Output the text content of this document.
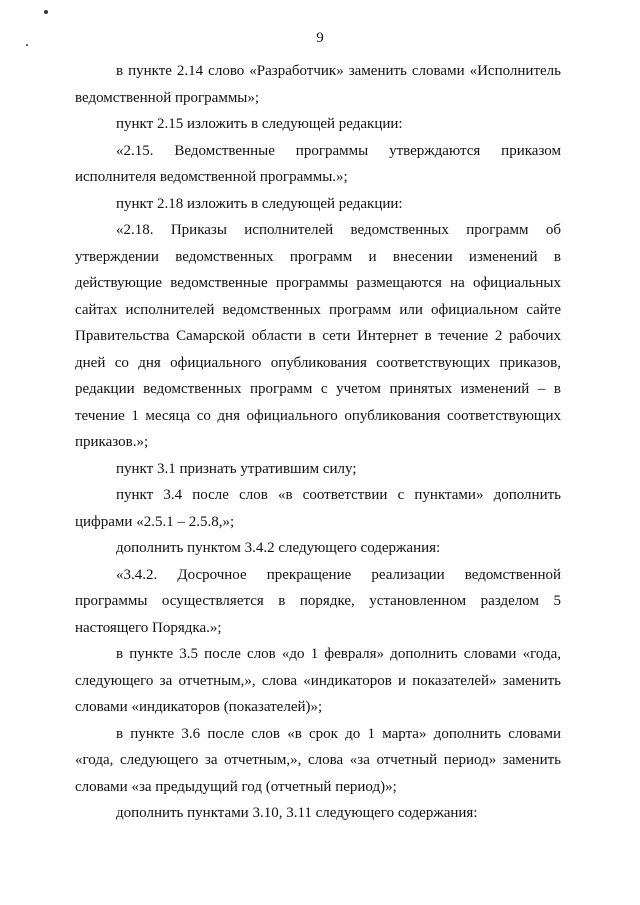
9

в пункте 2.14 слово «Разработчик» заменить словами «Исполнитель ведомственной программы»;

пункт 2.15 изложить в следующей редакции:

«2.15. Ведомственные программы утверждаются приказом исполнителя ведомственной программы.»;

пункт 2.18 изложить в следующей редакции:

«2.18. Приказы исполнителей ведомственных программ об утверждении ведомственных программ и внесении изменений в действующие ведомственные программы размещаются на официальных сайтах исполнителей ведомственных программ или официальном сайте Правительства Самарской области в сети Интернет в течение 2 рабочих дней со дня официального опубликования соответствующих приказов, редакции ведомственных программ с учетом принятых изменений – в течение 1 месяца со дня официального опубликования соответствующих приказов.»;

пункт 3.1 признать утратившим силу;

пункт 3.4 после слов «в соответствии с пунктами» дополнить цифрами «2.5.1 – 2.5.8,»;

дополнить пунктом 3.4.2 следующего содержания:

«3.4.2. Досрочное прекращение реализации ведомственной программы осуществляется в порядке, установленном разделом 5 настоящего Порядка.»;

в пункте 3.5 после слов «до 1 февраля» дополнить словами «года, следующего за отчетным,», слова «индикаторов и показателей» заменить словами «индикаторов (показателей)»;

в пункте 3.6 после слов «в срок до 1 марта» дополнить словами «года, следующего за отчетным,», слова «за отчетный период» заменить словами «за предыдущий год (отчетный период)»;

дополнить пунктами 3.10, 3.11 следующего содержания:
